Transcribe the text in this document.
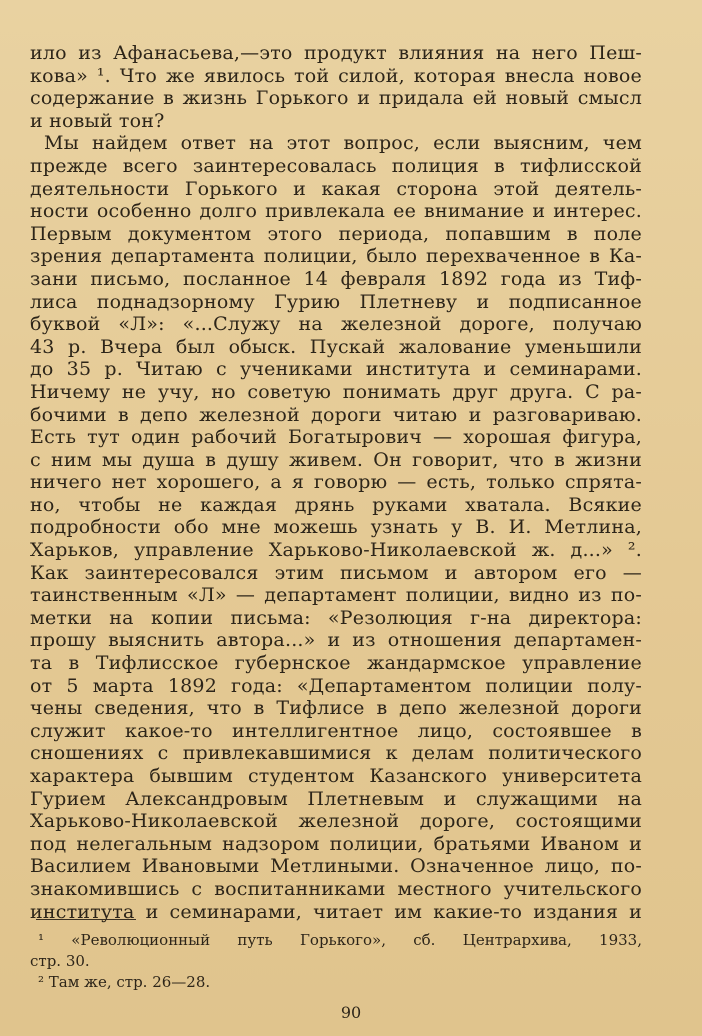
ило из Афанасьева,—это продукт влияния на него Пеш-
кова» ¹. Что же явилось той силой, которая внесла новое
содержание в жизнь Горького и придала ей новый смысл
и новый тон?
Мы найдем ответ на этот вопрос, если выясним, чем
прежде всего заинтересовалась полиция в тифлисской
деятельности Горького и какая сторона этой деятель-
ности особенно долго привлекала ее внимание и интерес.
Первым документом этого периода, попавшим в поле
зрения департамента полиции, было перехваченное в Ка-
зани письмо, посланное 14 февраля 1892 года из Тиф-
лиса поднадзорному Гурию Плетневу и подписанное
буквой «Л»: «...Служу на железной дороге, получаю
43 р. Вчера был обыск. Пускай жалование уменьшили
до 35 р. Читаю с учениками института и семинарами.
Ничему не учу, но советую понимать друг друга. С ра-
бочими в депо железной дороги читаю и разговариваю.
Есть тут один рабочий Богатырович — хорошая фигура,
с ним мы душа в душу живем. Он говорит, что в жизни
ничего нет хорошего, а я говорю — есть, только спрята-
но, чтобы не каждая дрянь руками хватала. Всякие
подробности обо мне можешь узнать у В. И. Метлина,
Харьков, управление Харьково-Николаевской ж. д...» ².
Как заинтересовался этим письмом и автором его —
таинственным «Л» — департамент полиции, видно из по-
метки на копии письма: «Резолюция г-на директора:
прошу выяснить автора...» и из отношения департамен-
та в Тифлисское губернское жандармское управление
от 5 марта 1892 года: «Департаментом полиции полу-
чены сведения, что в Тифлисе в депо железной дороги
служит какое-то интеллигентное лицо, состоявшее в
сношениях с привлекавшимися к делам политического
характера бывшим студентом Казанского университета
Гурием Александровым Плетневым и служащими на
Харьково-Николаевской железной дороге, состоящими
под нелегальным надзором полиции, братьями Иваном и
Василием Ивановыми Метлиными. Означенное лицо, по-
знакомившись с воспитанниками местного учительского
института и семинарами, читает им какие-то издания и
¹ «Революционный путь Горького», сб. Центрархива, 1933,
стр. 30.
² Там же, стр. 26—28.
90
